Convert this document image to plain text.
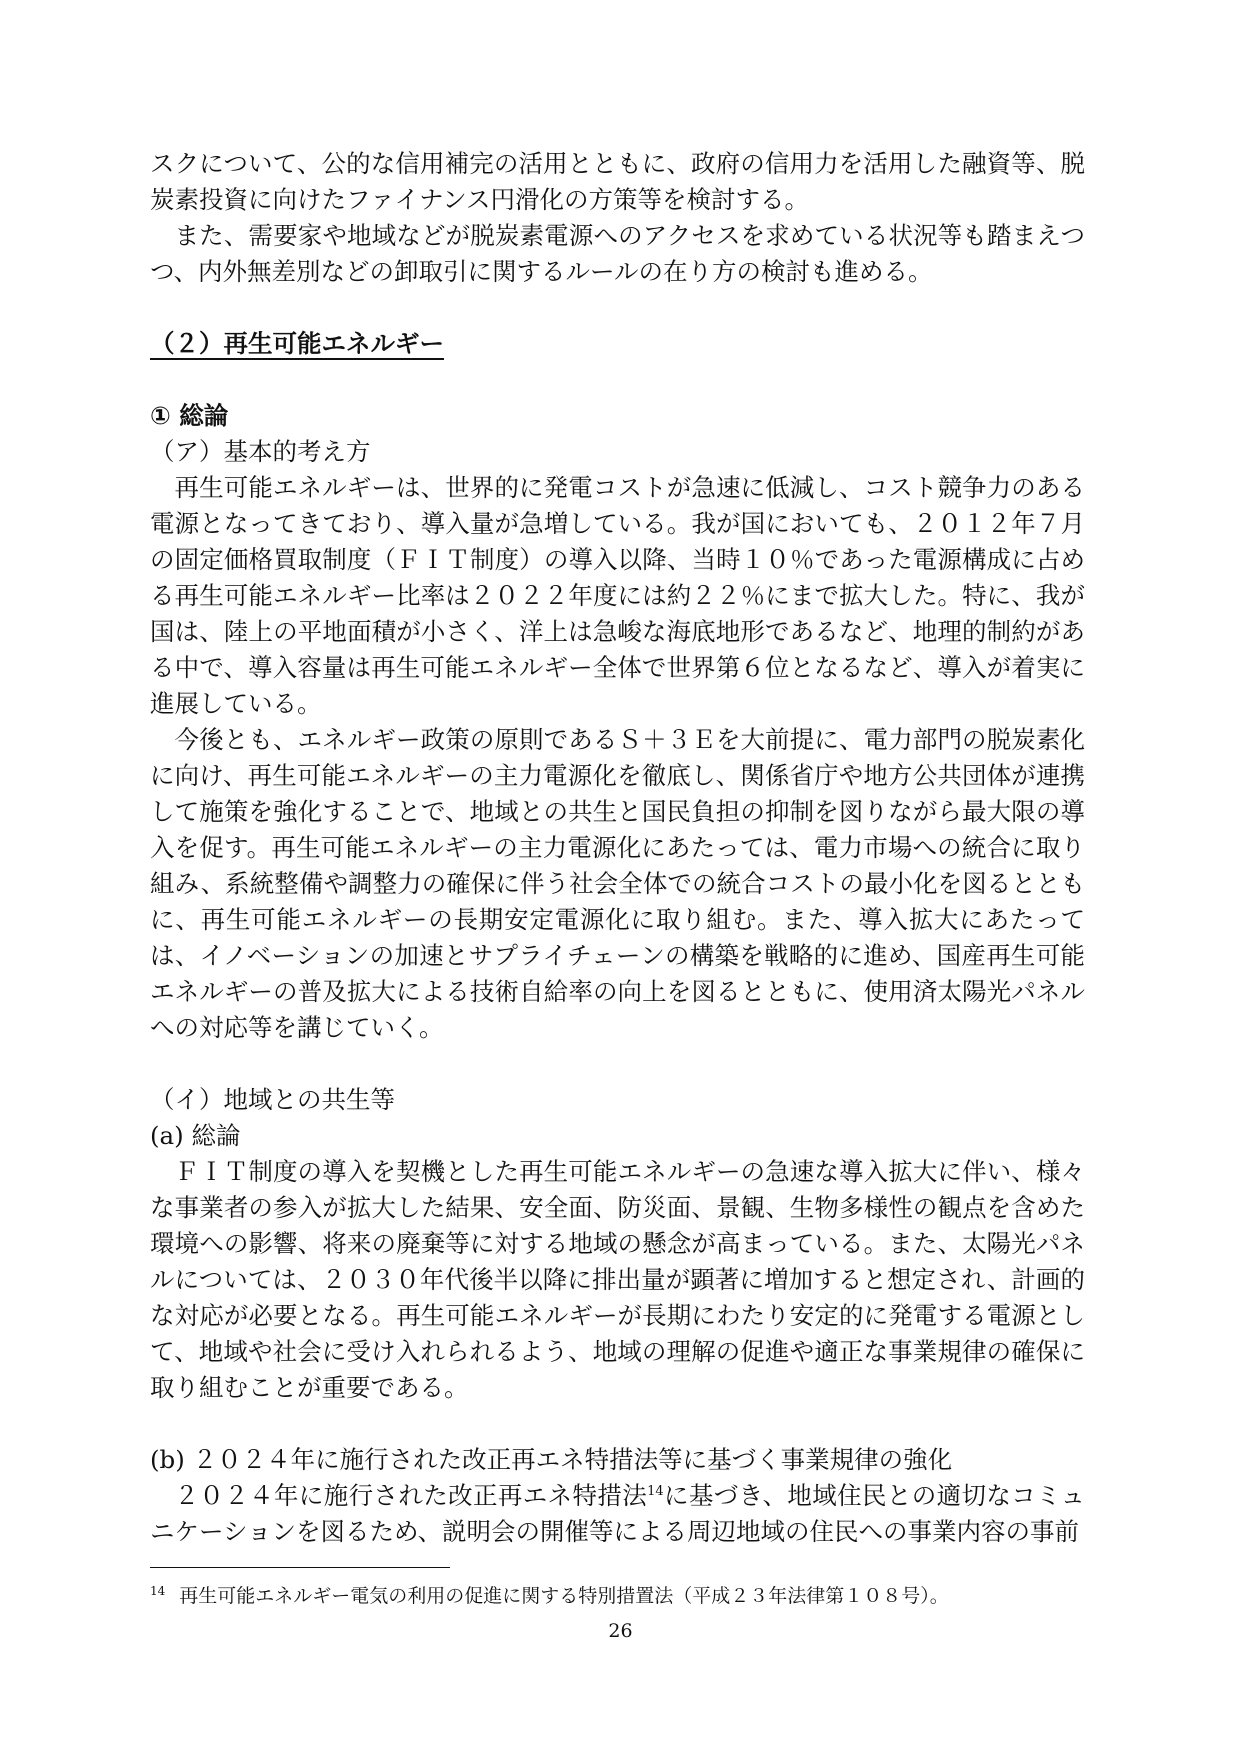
スクについて、公的な信用補完の活用とともに、政府の信用力を活用した融資等、脱炭素投資に向けたファイナンス円滑化の方策等を検討する。

また、需要家や地域などが脱炭素電源へのアクセスを求めている状況等も踏まえつつ、内外無差別などの卸取引に関するルールの在り方の検討も進める。

（２）再生可能エネルギー

① 総論

（ア）基本的考え方

再生可能エネルギーは、世界的に発電コストが急速に低減し、コスト競争力のある電源となってきており、導入量が急増している。我が国においても、２０１２年７月の固定価格買取制度（ＦＩＴ制度）の導入以降、当時１０％であった電源構成に占める再生可能エネルギー比率は２０２２年度には約２２％にまで拡大した。特に、我が国は、陸上の平地面積が小さく、洋上は急峻な海底地形であるなど、地理的制約がある中で、導入容量は再生可能エネルギー全体で世界第６位となるなど、導入が着実に進展している。

今後とも、エネルギー政策の原則であるＳ＋３Ｅを大前提に、電力部門の脱炭素化に向け、再生可能エネルギーの主力電源化を徹底し、関係省庁や地方公共団体が連携して施策を強化することで、地域との共生と国民負担の抑制を図りながら最大限の導入を促す。再生可能エネルギーの主力電源化にあたっては、電力市場への統合に取り組み、系統整備や調整力の確保に伴う社会全体での統合コストの最小化を図るとともに、再生可能エネルギーの長期安定電源化に取り組む。また、導入拡大にあたっては、イノベーションの加速とサプライチェーンの構築を戦略的に進め、国産再生可能エネルギーの普及拡大による技術自給率の向上を図るとともに、使用済太陽光パネルへの対応等を講じていく。

（イ）地域との共生等

(a) 総論

ＦＩＴ制度の導入を契機とした再生可能エネルギーの急速な導入拡大に伴い、様々な事業者の参入が拡大した結果、安全面、防災面、景観、生物多様性の観点を含めた環境への影響、将来の廃棄等に対する地域の懸念が高まっている。また、太陽光パネルについては、２０３０年代後半以降に排出量が顕著に増加すると想定され、計画的な対応が必要となる。再生可能エネルギーが長期にわたり安定的に発電する電源として、地域や社会に受け入れられるよう、地域の理解の促進や適正な事業規律の確保に取り組むことが重要である。

(b) ２０２４年に施行された改正再エネ特措法等に基づく事業規律の強化

２０２４年に施行された改正再エネ特措法$^{14}$に基づき、地域住民との適切なコミュニケーションを図るため、説明会の開催等による周辺地域の住民への事業内容の事前

$^{14}$ 再生可能エネルギー電気の利用の促進に関する特別措置法（平成２３年法律第１０８号）。
26
